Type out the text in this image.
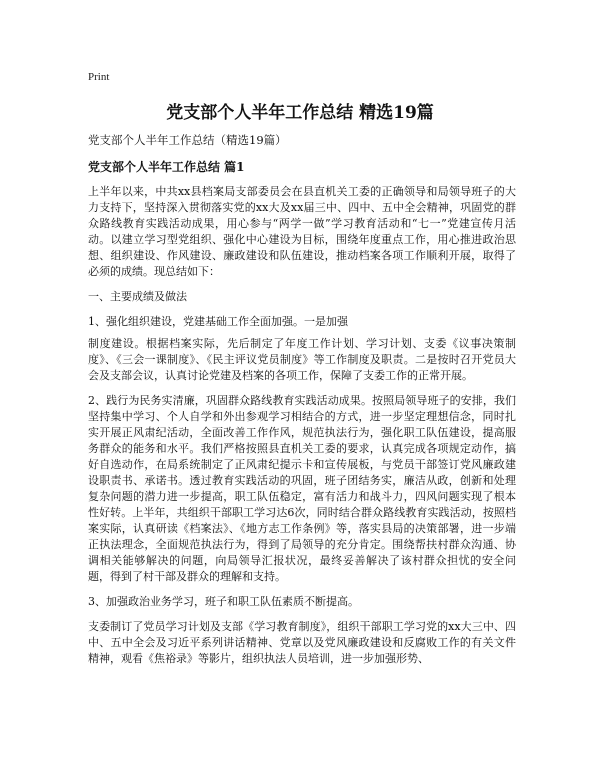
Print
党支部个人半年工作总结 精选19篇
党支部个人半年工作总结（精选19篇）
党支部个人半年工作总结 篇1

上半年以来，中共xx县档案局支部委员会在县直机关工委的正确领导和局领导班子的大力支持下，坚持深入贯彻落实党的xx大及xx届三中、四中、五中全会精神，巩固党的群众路线教育实践活动成果，用心参与“两学一做”学习教育活动和“七一”党建宣传月活动。以建立学习型党组织、强化中心建设为目标，围绕年度重点工作，用心推进政治思想、组织建设、作风建设、廉政建设和队伍建设，推动档案各项工作顺利开展，取得了必须的成绩。现总结如下：

一、主要成绩及做法

1、强化组织建设，党建基础工作全面加强。一是加强

制度建设。根据档案实际，先后制定了年度工作计划、学习计划、支委《议事决策制度》、《三会一课制度》、《民主评议党员制度》等工作制度及职责。二是按时召开党员大会及支部会议，认真讨论党建及档案的各项工作，保障了支委工作的正常开展。

2、践行为民务实清廉，巩固群众路线教育实践活动成果。按照局领导班子的安排，我们坚持集中学习、个人自学和外出参观学习相结合的方式，进一步坚定理想信念，同时扎实开展正风肃纪活动，全面改善工作作风，规范执法行为，强化职工队伍建设，提高服务群众的能务和水平。我们严格按照县直机关工委的要求，认真完成各项规定动作，搞好自选动作，在局系统制定了正风肃纪提示卡和宣传展板，与党员干部签订党风廉政建设职责书、承诺书。透过教育实践活动的巩固，班子团结务实，廉洁从政，创新和处理复杂问题的潜力进一步提高，职工队伍稳定，富有活力和战斗力，四风问题实现了根本性好转。上半年，共组织干部职工学习达6次，同时结合群众路线教育实践活动，按照档案实际，认真研读《档案法》、《地方志工作条例》等，落实县局的决策部署，进一步端正执法理念，全面规范执法行为，得到了局领导的充分肯定。围绕帮扶村群众沟通、协调相关能够解决的问题，向局领导汇报状况，最终妥善解决了该村群众担忧的安全问题，得到了村干部及群众的理解和支持。

3、加强政治业务学习，班子和职工队伍素质不断提高。

支委制订了党员学习计划及支部《学习教育制度》，组织干部职工学习党的xx大三中、四中、五中全会及习近平系列讲话精神、党章以及党风廉政建设和反腐败工作的有关文件精神，观看《焦裕录》等影片，组织执法人员培训，进一步加强形势、
